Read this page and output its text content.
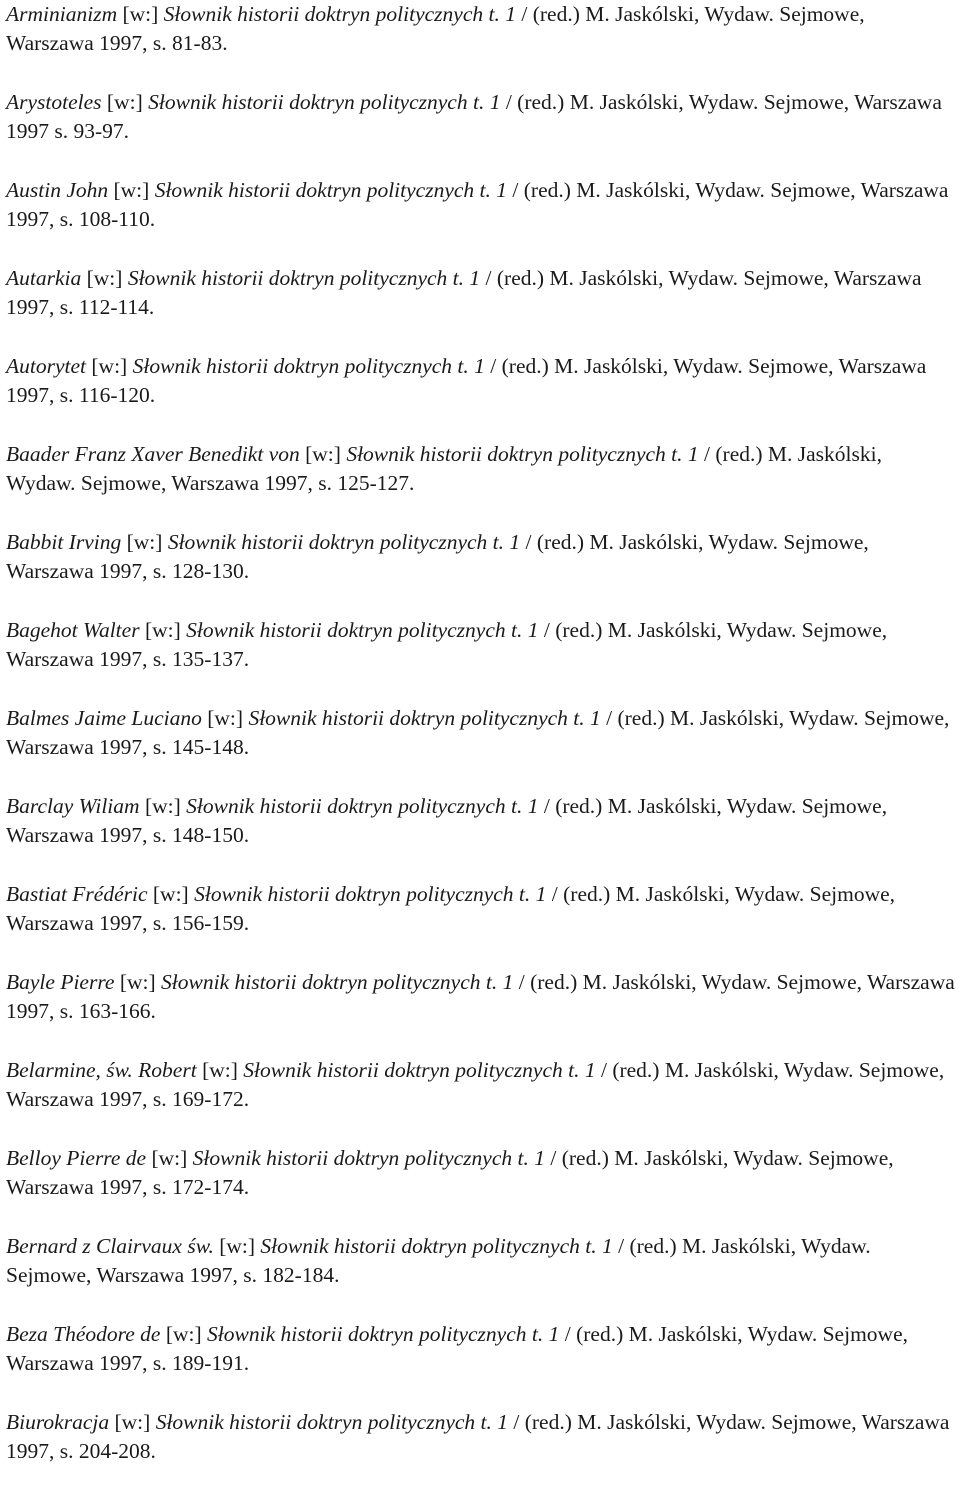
Arminianizm [w:] Słownik historii doktryn politycznych t. 1 / (red.) M. Jaskólski, Wydaw. Sejmowe, Warszawa 1997, s. 81-83.
Arystoteles [w:] Słownik historii doktryn politycznych t. 1 / (red.) M. Jaskólski, Wydaw. Sejmowe, Warszawa 1997 s. 93-97.
Austin John [w:] Słownik historii doktryn politycznych t. 1 / (red.) M. Jaskólski, Wydaw. Sejmowe, Warszawa 1997, s. 108-110.
Autarkia [w:] Słownik historii doktryn politycznych t. 1 / (red.) M. Jaskólski, Wydaw. Sejmowe, Warszawa 1997, s. 112-114.
Autorytet [w:] Słownik historii doktryn politycznych t. 1 / (red.) M. Jaskólski, Wydaw. Sejmowe, Warszawa 1997, s. 116-120.
Baader Franz Xaver Benedikt von [w:] Słownik historii doktryn politycznych t. 1 / (red.) M. Jaskólski, Wydaw. Sejmowe, Warszawa 1997, s. 125-127.
Babbit Irving [w:] Słownik historii doktryn politycznych t. 1 / (red.) M. Jaskólski, Wydaw. Sejmowe, Warszawa 1997, s. 128-130.
Bagehot Walter [w:] Słownik historii doktryn politycznych t. 1 / (red.) M. Jaskólski, Wydaw. Sejmowe, Warszawa 1997, s. 135-137.
Balmes Jaime Luciano [w:] Słownik historii doktryn politycznych t. 1 / (red.) M. Jaskólski, Wydaw. Sejmowe, Warszawa 1997, s. 145-148.
Barclay Wiliam [w:] Słownik historii doktryn politycznych t. 1 / (red.) M. Jaskólski, Wydaw. Sejmowe, Warszawa 1997, s. 148-150.
Bastiat Frédéric [w:] Słownik historii doktryn politycznych t. 1 / (red.) M. Jaskólski, Wydaw. Sejmowe, Warszawa 1997, s. 156-159.
Bayle Pierre [w:] Słownik historii doktryn politycznych t. 1 / (red.) M. Jaskólski, Wydaw. Sejmowe, Warszawa 1997, s. 163-166.
Belarmine, św. Robert [w:] Słownik historii doktryn politycznych t. 1 / (red.) M. Jaskólski, Wydaw. Sejmowe, Warszawa 1997, s. 169-172.
Belloy Pierre de [w:] Słownik historii doktryn politycznych t. 1 / (red.) M. Jaskólski, Wydaw. Sejmowe, Warszawa 1997, s. 172-174.
Bernard z Clairvaux św. [w:] Słownik historii doktryn politycznych t. 1 / (red.) M. Jaskólski, Wydaw. Sejmowe, Warszawa 1997, s. 182-184.
Beza Théodore de [w:] Słownik historii doktryn politycznych t. 1 / (red.) M. Jaskólski, Wydaw. Sejmowe, Warszawa 1997, s. 189-191.
Biurokracja [w:] Słownik historii doktryn politycznych t. 1 / (red.) M. Jaskólski, Wydaw. Sejmowe, Warszawa 1997, s. 204-208.
